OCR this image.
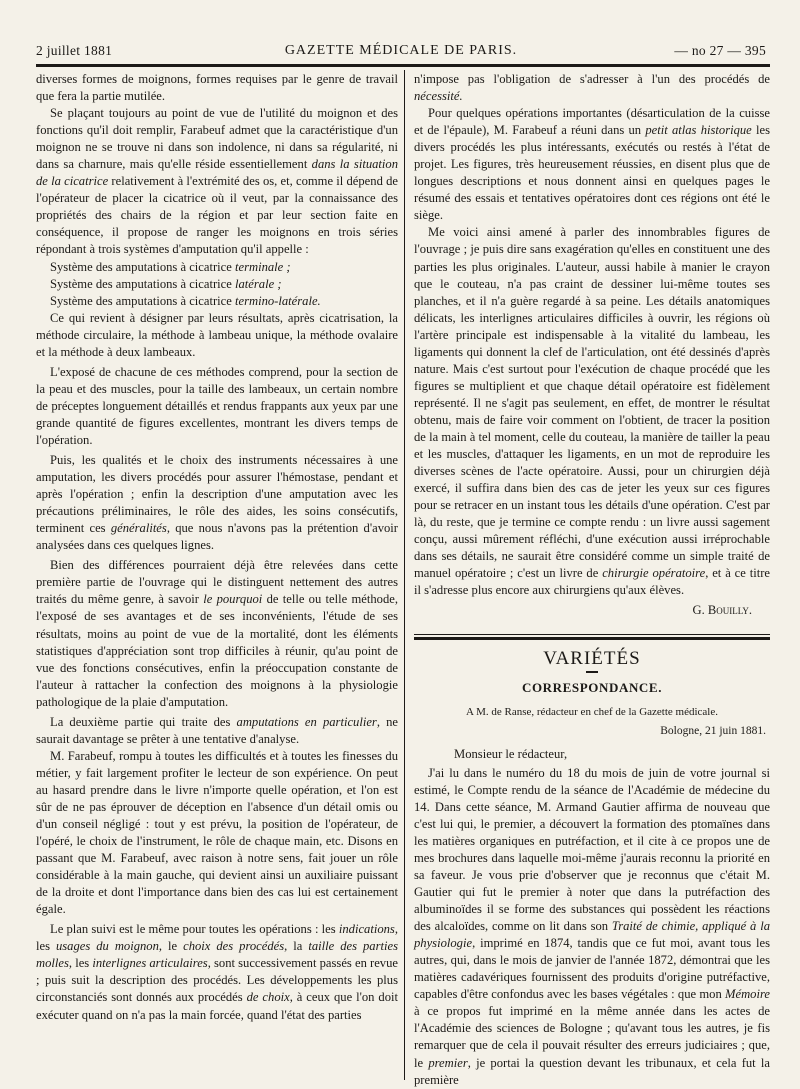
2 juillet 1881	GAZETTE MÉDICALE DE PARIS.	— no 27 — 395

diverses formes de moignons, formes requises par le genre de travail que fera la partie mutilée.

Se plaçant toujours au point de vue de l'utilité du moignon et des fonctions qu'il doit remplir, Farabeuf admet que la caractéristique d'un moignon ne se trouve ni dans son indolence, ni dans sa régularité, ni dans sa charnure, mais qu'elle réside essentiellement dans la situation de la cicatrice relativement à l'extrémité des os, et, comme il dépend de l'opérateur de placer la cicatrice où il veut, par la connaissance des propriétés des chairs de la région et par leur section faite en conséquence, il propose de ranger les moignons en trois séries répondant à trois systèmes d'amputation qu'il appelle :

Système des amputations à cicatrice terminale ;

Système des amputations à cicatrice latérale ;

Système des amputations à cicatrice termino-latérale.

Ce qui revient à désigner par leurs résultats, après cicatrisation, la méthode circulaire, la méthode à lambeau unique, la méthode ovalaire et la méthode à deux lambeaux.

L'exposé de chacune de ces méthodes comprend, pour la section de la peau et des muscles, pour la taille des lambeaux, un certain nombre de préceptes longuement détaillés et rendus frappants aux yeux par une grande quantité de figures excellentes, montrant les divers temps de l'opération.

Puis, les qualités et le choix des instruments nécessaires à une amputation, les divers procédés pour assurer l'hémostase, pendant et après l'opération ; enfin la description d'une amputation avec les précautions préliminaires, le rôle des aides, les soins consécutifs, terminent ces généralités, que nous n'avons pas la prétention d'avoir analysées dans ces quelques lignes.

Bien des différences pourraient déjà être relevées dans cette première partie de l'ouvrage qui le distinguent nettement des autres traités du même genre, à savoir le pourquoi de telle ou telle méthode, l'exposé de ses avantages et de ses inconvénients, l'étude de ses résultats, moins au point de vue de la mortalité, dont les éléments statistiques d'appréciation sont trop difficiles à réunir, qu'au point de vue des fonctions consécutives, enfin la préoccupation constante de l'auteur à rattacher la confection des moignons à la physiologie pathologique de la plaie d'amputation.

La deuxième partie qui traite des amputations en particulier, ne saurait davantage se prêter à une tentative d'analyse.

M. Farabeuf, rompu à toutes les difficultés et à toutes les finesses du métier, y fait largement profiter le lecteur de son expérience. On peut au hasard prendre dans le livre n'importe quelle opération, et l'on est sûr de ne pas éprouver de déception en l'absence d'un détail omis ou d'un conseil négligé : tout y est prévu, la position de l'opérateur, de l'opéré, le choix de l'instrument, le rôle de chaque main, etc. Disons en passant que M. Farabeuf, avec raison à notre sens, fait jouer un rôle considérable à la main gauche, qui devient ainsi un auxiliaire puissant de la droite et dont l'importance dans bien des cas lui est certainement égale.

Le plan suivi est le même pour toutes les opérations : les indications, les usages du moignon, le choix des procédés, la taille des parties molles, les interlignes articulaires, sont successivement passés en revue ; puis suit la description des procédés. Les développements les plus circonstanciés sont donnés aux procédés de choix, à ceux que l'on doit exécuter quand on n'a pas la main forcée, quand l'état des parties

n'impose pas l'obligation de s'adresser à l'un des procédés de nécessité.

Pour quelques opérations importantes (désarticulation de la cuisse et de l'épaule), M. Farabeuf a réuni dans un petit atlas historique les divers procédés les plus intéressants, exécutés ou restés à l'état de projet. Les figures, très heureusement réussies, en disent plus que de longues descriptions et nous donnent ainsi en quelques pages le résumé des essais et tentatives opératoires dont ces régions ont été le siège.

Me voici ainsi amené à parler des innombrables figures de l'ouvrage ; je puis dire sans exagération qu'elles en constituent une des parties les plus originales. L'auteur, aussi habile à manier le crayon que le couteau, n'a pas craint de dessiner lui-même toutes ses planches, et il n'a guère regardé à sa peine. Les détails anatomiques délicats, les interlignes articulaires difficiles à ouvrir, les régions où l'artère principale est indispensable à la vitalité du lambeau, les ligaments qui donnent la clef de l'articulation, ont été dessinés d'après nature. Mais c'est surtout pour l'exécution de chaque procédé que les figures se multiplient et que chaque détail opératoire est fidèlement représenté. Il ne s'agit pas seulement, en effet, de montrer le résultat obtenu, mais de faire voir comment on l'obtient, de tracer la position de la main à tel moment, celle du couteau, la manière de tailler la peau et les muscles, d'attaquer les ligaments, en un mot de reproduire les diverses scènes de l'acte opératoire. Aussi, pour un chirurgien déjà exercé, il suffira dans bien des cas de jeter les yeux sur ces figures pour se retracer en un instant tous les détails d'une opération. C'est par là, du reste, que je termine ce compte rendu : un livre aussi sagement conçu, aussi mûrement réfléchi, d'une exécution aussi irréprochable dans ses détails, ne saurait être considéré comme un simple traité de manuel opératoire ; c'est un livre de chirurgie opératoire, et à ce titre il s'adresse plus encore aux chirurgiens qu'aux élèves.

G. Bouilly.
VARIÉTÉS
CORRESPONDANCE.
A M. de Ranse, rédacteur en chef de la Gazette médicale.
Bologne, 21 juin 1881.

Monsieur le rédacteur,

J'ai lu dans le numéro du 18 du mois de juin de votre journal si estimé, le Compte rendu de la séance de l'Académie de médecine du 14. Dans cette séance, M. Armand Gautier affirma de nouveau que c'est lui qui, le premier, a découvert la formation des ptomaïnes dans les matières organiques en putréfaction, et il cite à ce propos une de mes brochures dans laquelle moi-même j'aurais reconnu la priorité en sa faveur. Je vous prie d'observer que je reconnus que c'était M. Gautier qui fut le premier à noter que dans la putréfaction des albuminoïdes il se forme des substances qui possèdent les réactions des alcaloïdes, comme on lit dans son Traité de chimie, appliqué à la physiologie, imprimé en 1874, tandis que ce fut moi, avant tous les autres, qui, dans le mois de janvier de l'année 1872, démontrai que les matières cadavériques fournissent des produits d'origine putréfactive, capables d'être confondus avec les bases végétales : que mon Mémoire à ce propos fut imprimé en la même année dans les actes de l'Académie des sciences de Bologne ; qu'avant tous les autres, je fis remarquer que de cela il pouvait résulter des erreurs judiciaires ; que, le premier, je portai la question devant les tribunaux, et cela fut la première
